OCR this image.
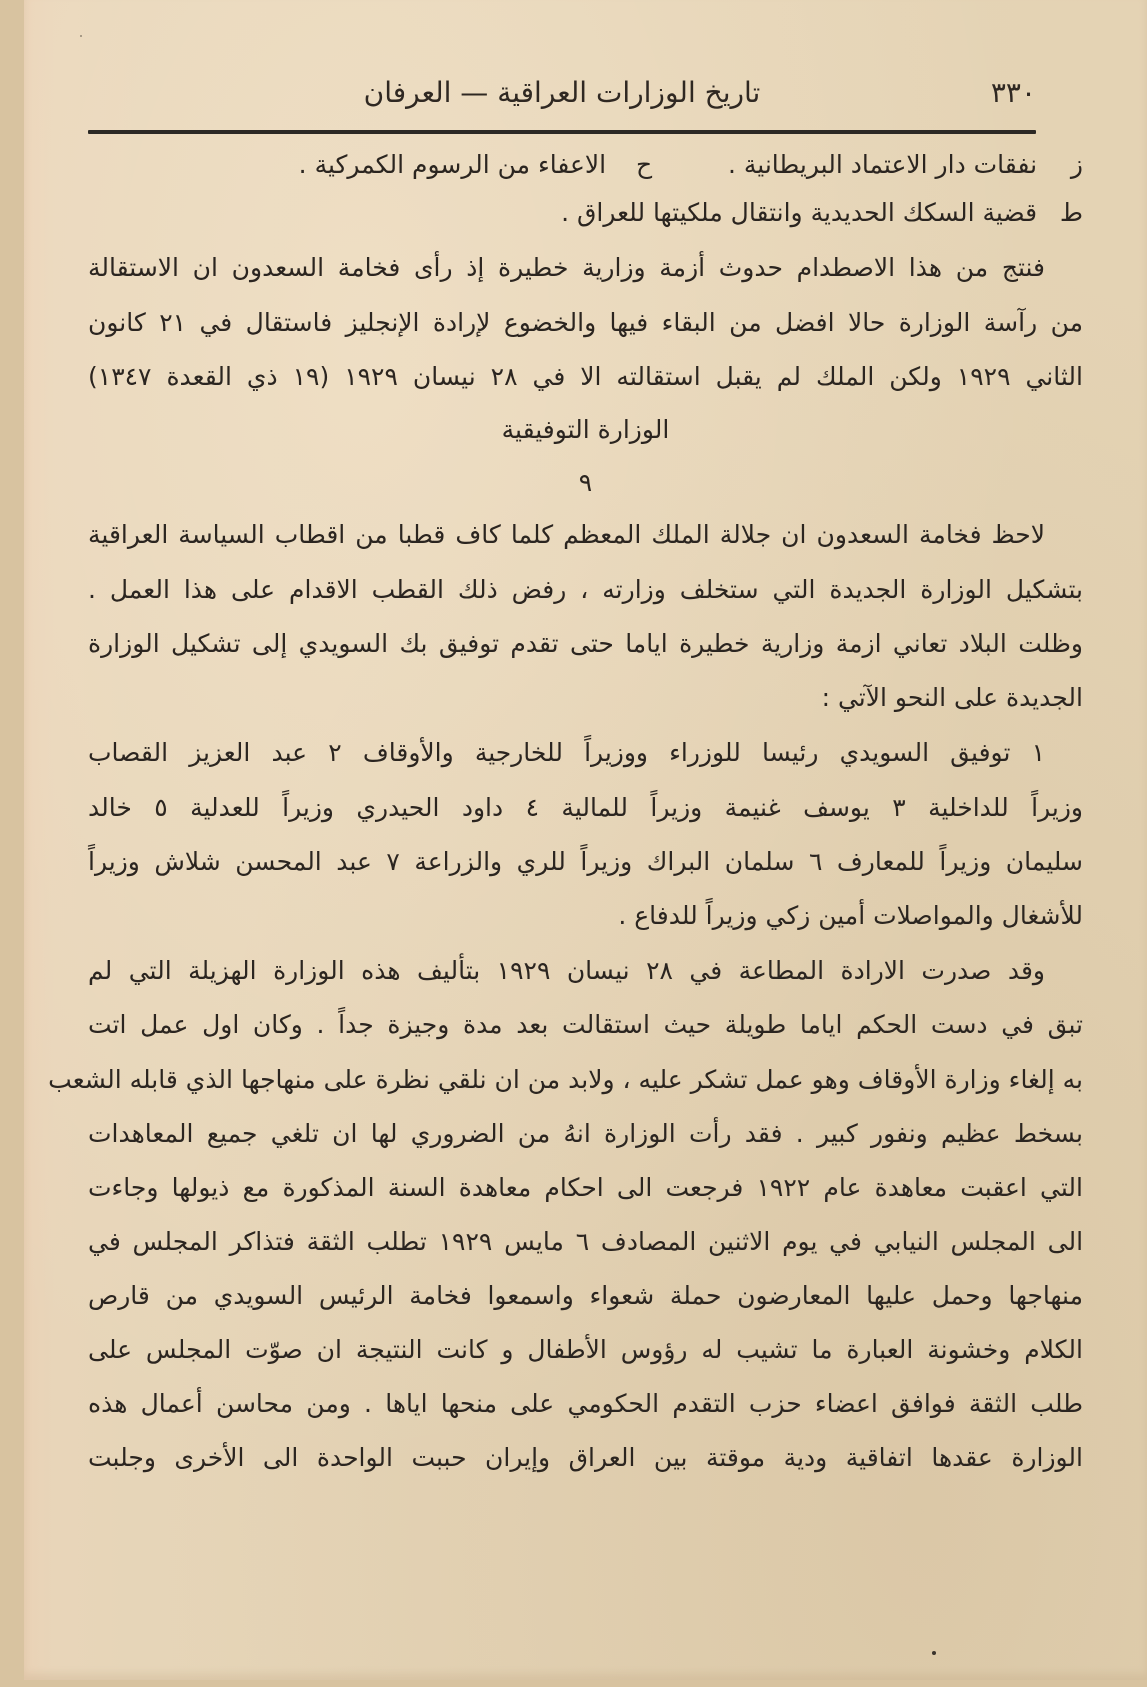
٣٣٠
تاريخ الوزارات العراقية — العرفان
ز نفقات دار الاعتماد البريطانية .  ح الاعفاء من الرسوم الكمركية .
ط قضية السكك الحديدية وانتقال ملكيتها للعراق .
فنتج من هذا الاصطدام حدوث أزمة وزارية خطيرة إذ رأى فخامة السعدون ان الاستقالة
من رآسة الوزارة حالا افضل من البقاء فيها والخضوع لإرادة الإنجليز فاستقال في ٢١ كانون
الثاني ١٩٢٩ ولكن الملك لم يقبل استقالته الا في ٢٨ نيسان ١٩٢٩ (١٩ ذي القعدة ١٣٤٧)
الوزارة التوفيقية
٩
لاحظ فخامة السعدون ان جلالة الملك المعظم كلما كاف قطبا من اقطاب السياسة العراقية
بتشكيل الوزارة الجديدة التي ستخلف وزارته ، رفض ذلك القطب الاقدام على هذا العمل .
وظلت البلاد تعاني ازمة وزارية خطيرة اياما حتى تقدم توفيق بك السويدي إلى تشكيل الوزارة
الجديدة على النحو الآتي :
١ توفيق السويدي رئيسا للوزراء ووزيراً للخارجية والأوقاف ٢ عبد العزيز القصاب
وزيراً للداخلية ٣ يوسف غنيمة وزيراً للمالية ٤ داود الحيدري وزيراً للعدلية ٥ خالد
سليمان وزيراً للمعارف ٦ سلمان البراك وزيراً للري والزراعة ٧ عبد المحسن شلاش وزيراً
للأشغال والمواصلات أمين زكي وزيراً للدفاع .
وقد صدرت الارادة المطاعة في ٢٨ نيسان ١٩٢٩ بتأليف هذه الوزارة الهزيلة التي لم
تبق في دست الحكم اياما طويلة حيث استقالت بعد مدة وجيزة جداً . وكان اول عمل اتت
به إلغاء وزارة الأوقاف وهو عمل تشكر عليه ، ولابد من ان نلقي نظرة على منهاجها الذي قابله الشعب
بسخط عظيم ونفور كبير . فقد رأت الوزارة انهُ من الضروري لها ان تلغي جميع المعاهدات
التي اعقبت معاهدة عام ١٩٢٢ فرجعت الى احكام معاهدة السنة المذكورة مع ذيولها وجاءت
الى المجلس النيابي في يوم الاثنين المصادف ٦ مايس ١٩٢٩ تطلب الثقة فتذاكر المجلس في
منهاجها وحمل عليها المعارضون حملة شعواء واسمعوا فخامة الرئيس السويدي من قارص
الكلام وخشونة العبارة ما تشيب له رؤوس الأطفال و كانت النتيجة ان صوّت المجلس على
طلب الثقة فوافق اعضاء حزب التقدم الحكومي على منحها اياها . ومن محاسن أعمال هذه
الوزارة عقدها اتفاقية ودية موقتة بين العراق وإيران حببت الواحدة الى الأخرى وجلبت
